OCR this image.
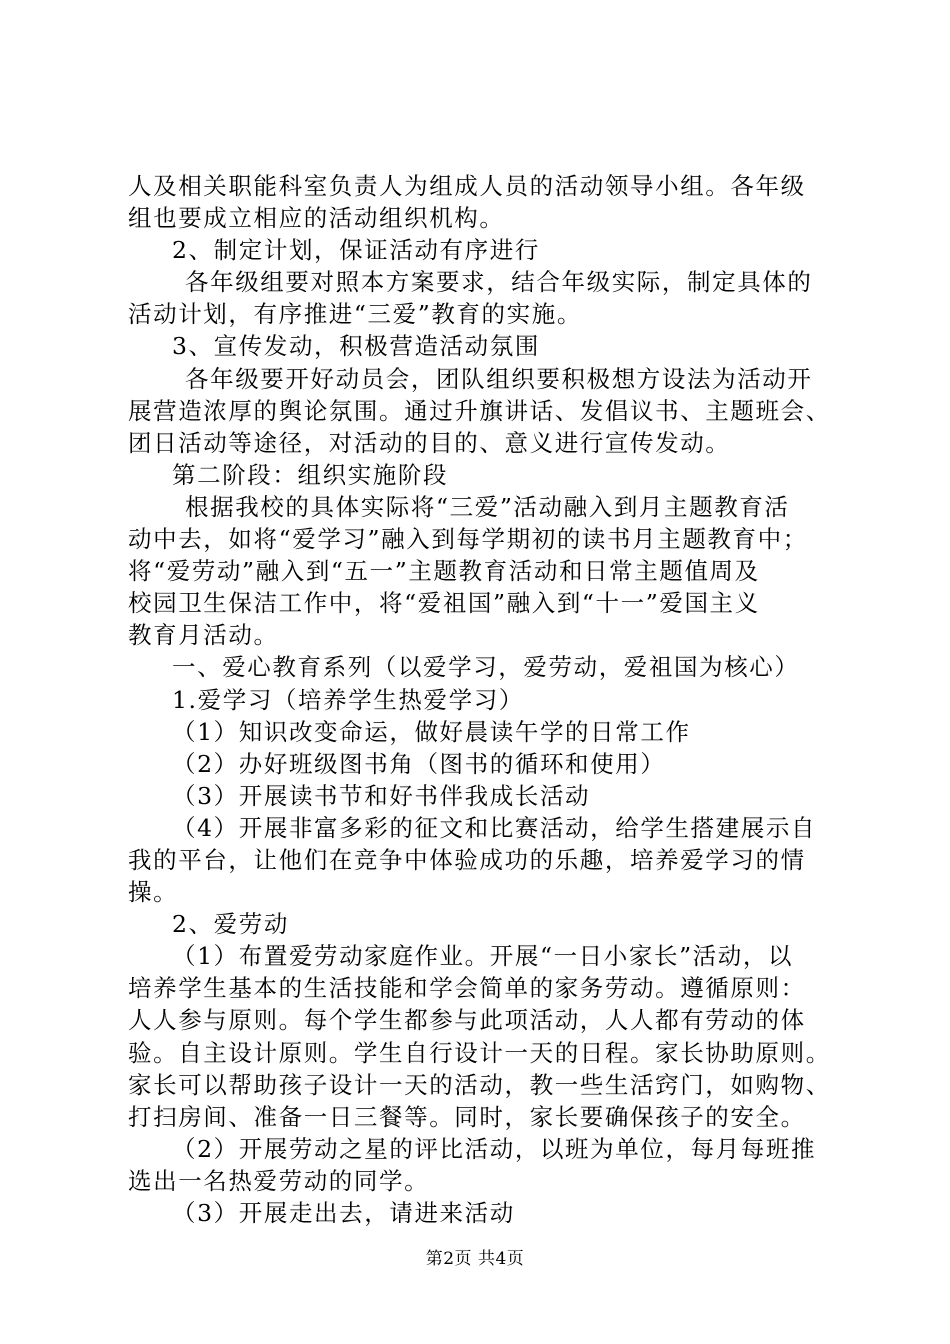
人及相关职能科室负责人为组成人员的活动领导小组。各年级
组也要成立相应的活动组织机构。
2、制定计划，保证活动有序进行
各年级组要对照本方案要求，结合年级实际，制定具体的
活动计划，有序推进“三爱”教育的实施。
3、宣传发动，积极营造活动氛围
各年级要开好动员会，团队组织要积极想方设法为活动开
展营造浓厚的舆论氛围。通过升旗讲话、发倡议书、主题班会、
团日活动等途径，对活动的目的、意义进行宣传发动。
第二阶段：组织实施阶段
根据我校的具体实际将“三爱”活动融入到月主题教育活
动中去，如将“爱学习”融入到每学期初的读书月主题教育中；
将“爱劳动”融入到“五一”主题教育活动和日常主题值周及
校园卫生保洁工作中，将“爱祖国”融入到“十一”爱国主义
教育月活动。
一、爱心教育系列（以爱学习，爱劳动，爱祖国为核心）
1.爱学习（培养学生热爱学习）
（1）知识改变命运，做好晨读午学的日常工作
（2）办好班级图书角（图书的循环和使用）
（3）开展读书节和好书伴我成长活动
（4）开展非富多彩的征文和比赛活动，给学生搭建展示自
我的平台，让他们在竞争中体验成功的乐趣，培养爱学习的情
操。
2、爱劳动
（1）布置爱劳动家庭作业。开展“一日小家长”活动，以
培养学生基本的生活技能和学会简单的家务劳动。遵循原则：
人人参与原则。每个学生都参与此项活动，人人都有劳动的体
验。自主设计原则。学生自行设计一天的日程。家长协助原则。
家长可以帮助孩子设计一天的活动，教一些生活窍门，如购物、
打扫房间、准备一日三餐等。同时，家长要确保孩子的安全。
（2）开展劳动之星的评比活动，以班为单位，每月每班推
选出一名热爱劳动的同学。
（3）开展走出去，请进来活动
第2页 共4页
